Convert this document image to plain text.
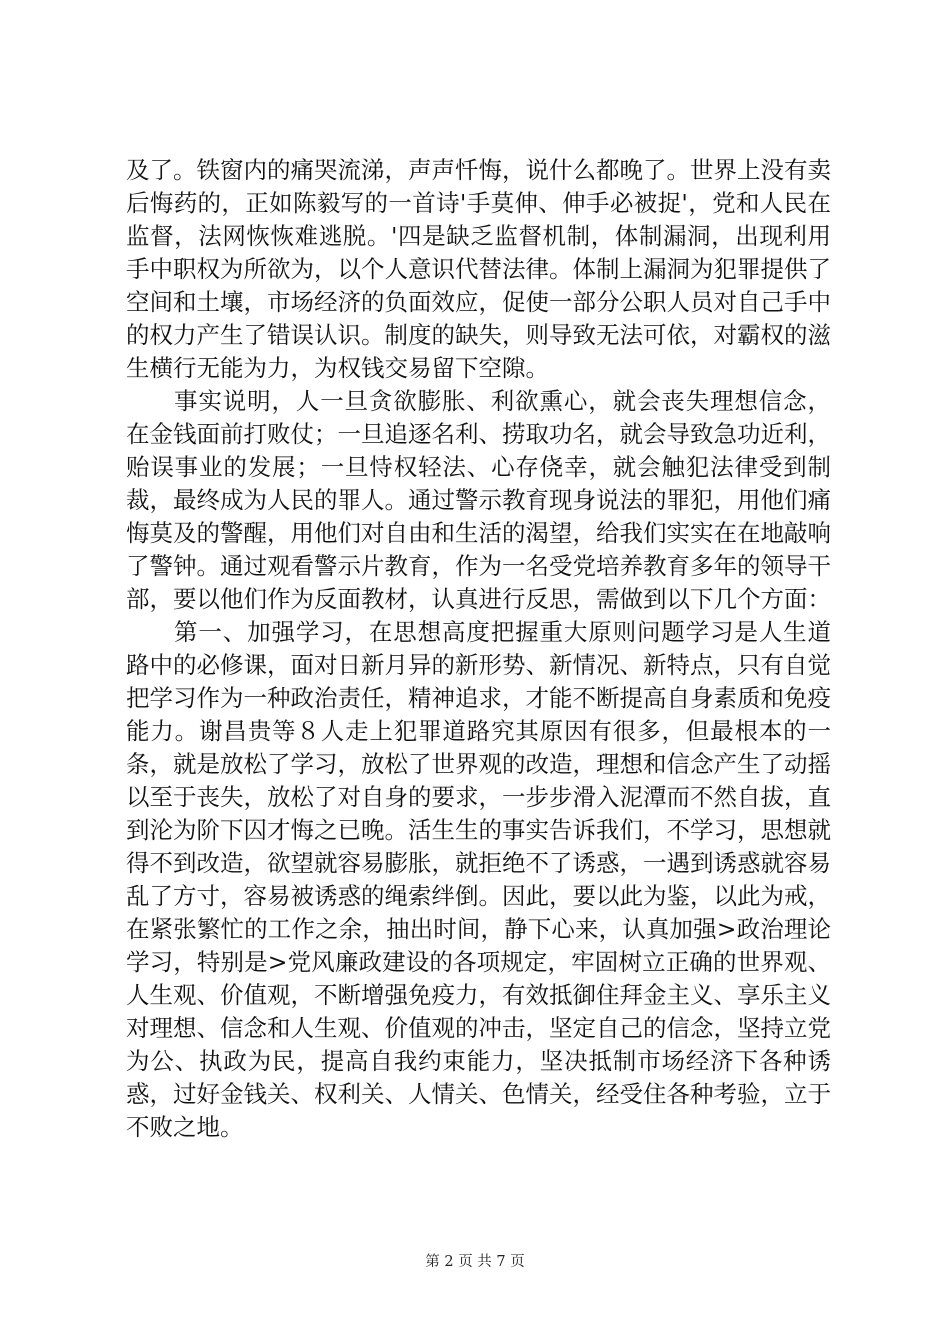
及了。铁窗内的痛哭流涕，声声忏悔，说什么都晚了。世界上没有卖后悔药的，正如陈毅写的一首诗'手莫伸、伸手必被捉'，党和人民在监督，法网恢恢难逃脱。'四是缺乏监督机制，体制漏洞，出现利用手中职权为所欲为，以个人意识代替法律。体制上漏洞为犯罪提供了空间和土壤，市场经济的负面效应，促使一部分公职人员对自己手中的权力产生了错误认识。制度的缺失，则导致无法可依，对霸权的滋生横行无能为力，为权钱交易留下空隙。

事实说明，人一旦贪欲膨胀、利欲熏心，就会丧失理想信念，在金钱面前打败仗；一旦追逐名利、捞取功名，就会导致急功近利，贻误事业的发展；一旦恃权轻法、心存侥幸，就会触犯法律受到制裁，最终成为人民的罪人。通过警示教育现身说法的罪犯，用他们痛悔莫及的警醒，用他们对自由和生活的渴望，给我们实实在在地敲响了警钟。通过观看警示片教育，作为一名受党培养教育多年的领导干部，要以他们作为反面教材，认真进行反思，需做到以下几个方面：

第一、加强学习，在思想高度把握重大原则问题学习是人生道路中的必修课，面对日新月异的新形势、新情况、新特点，只有自觉把学习作为一种政治责任，精神追求，才能不断提高自身素质和免疫能力。谢昌贵等８人走上犯罪道路究其原因有很多，但最根本的一条，就是放松了学习，放松了世界观的改造，理想和信念产生了动摇以至于丧失，放松了对自身的要求，一步步滑入泥潭而不然自拔，直到沦为阶下囚才悔之已晚。活生生的事实告诉我们，不学习，思想就得不到改造，欲望就容易膨胀，就拒绝不了诱惑，一遇到诱惑就容易乱了方寸，容易被诱惑的绳索绊倒。因此，要以此为鉴，以此为戒，在紧张繁忙的工作之余，抽出时间，静下心来，认真加强>政治理论学习，特别是>党风廉政建设的各项规定，牢固树立正确的世界观、人生观、价值观，不断增强免疫力，有效抵御住拜金主义、享乐主义对理想、信念和人生观、价值观的冲击，坚定自己的信念，坚持立党为公、执政为民，提高自我约束能力，坚决抵制市场经济下各种诱惑，过好金钱关、权利关、人情关、色情关，经受住各种考验，立于不败之地。

第 2 页 共 7 页
